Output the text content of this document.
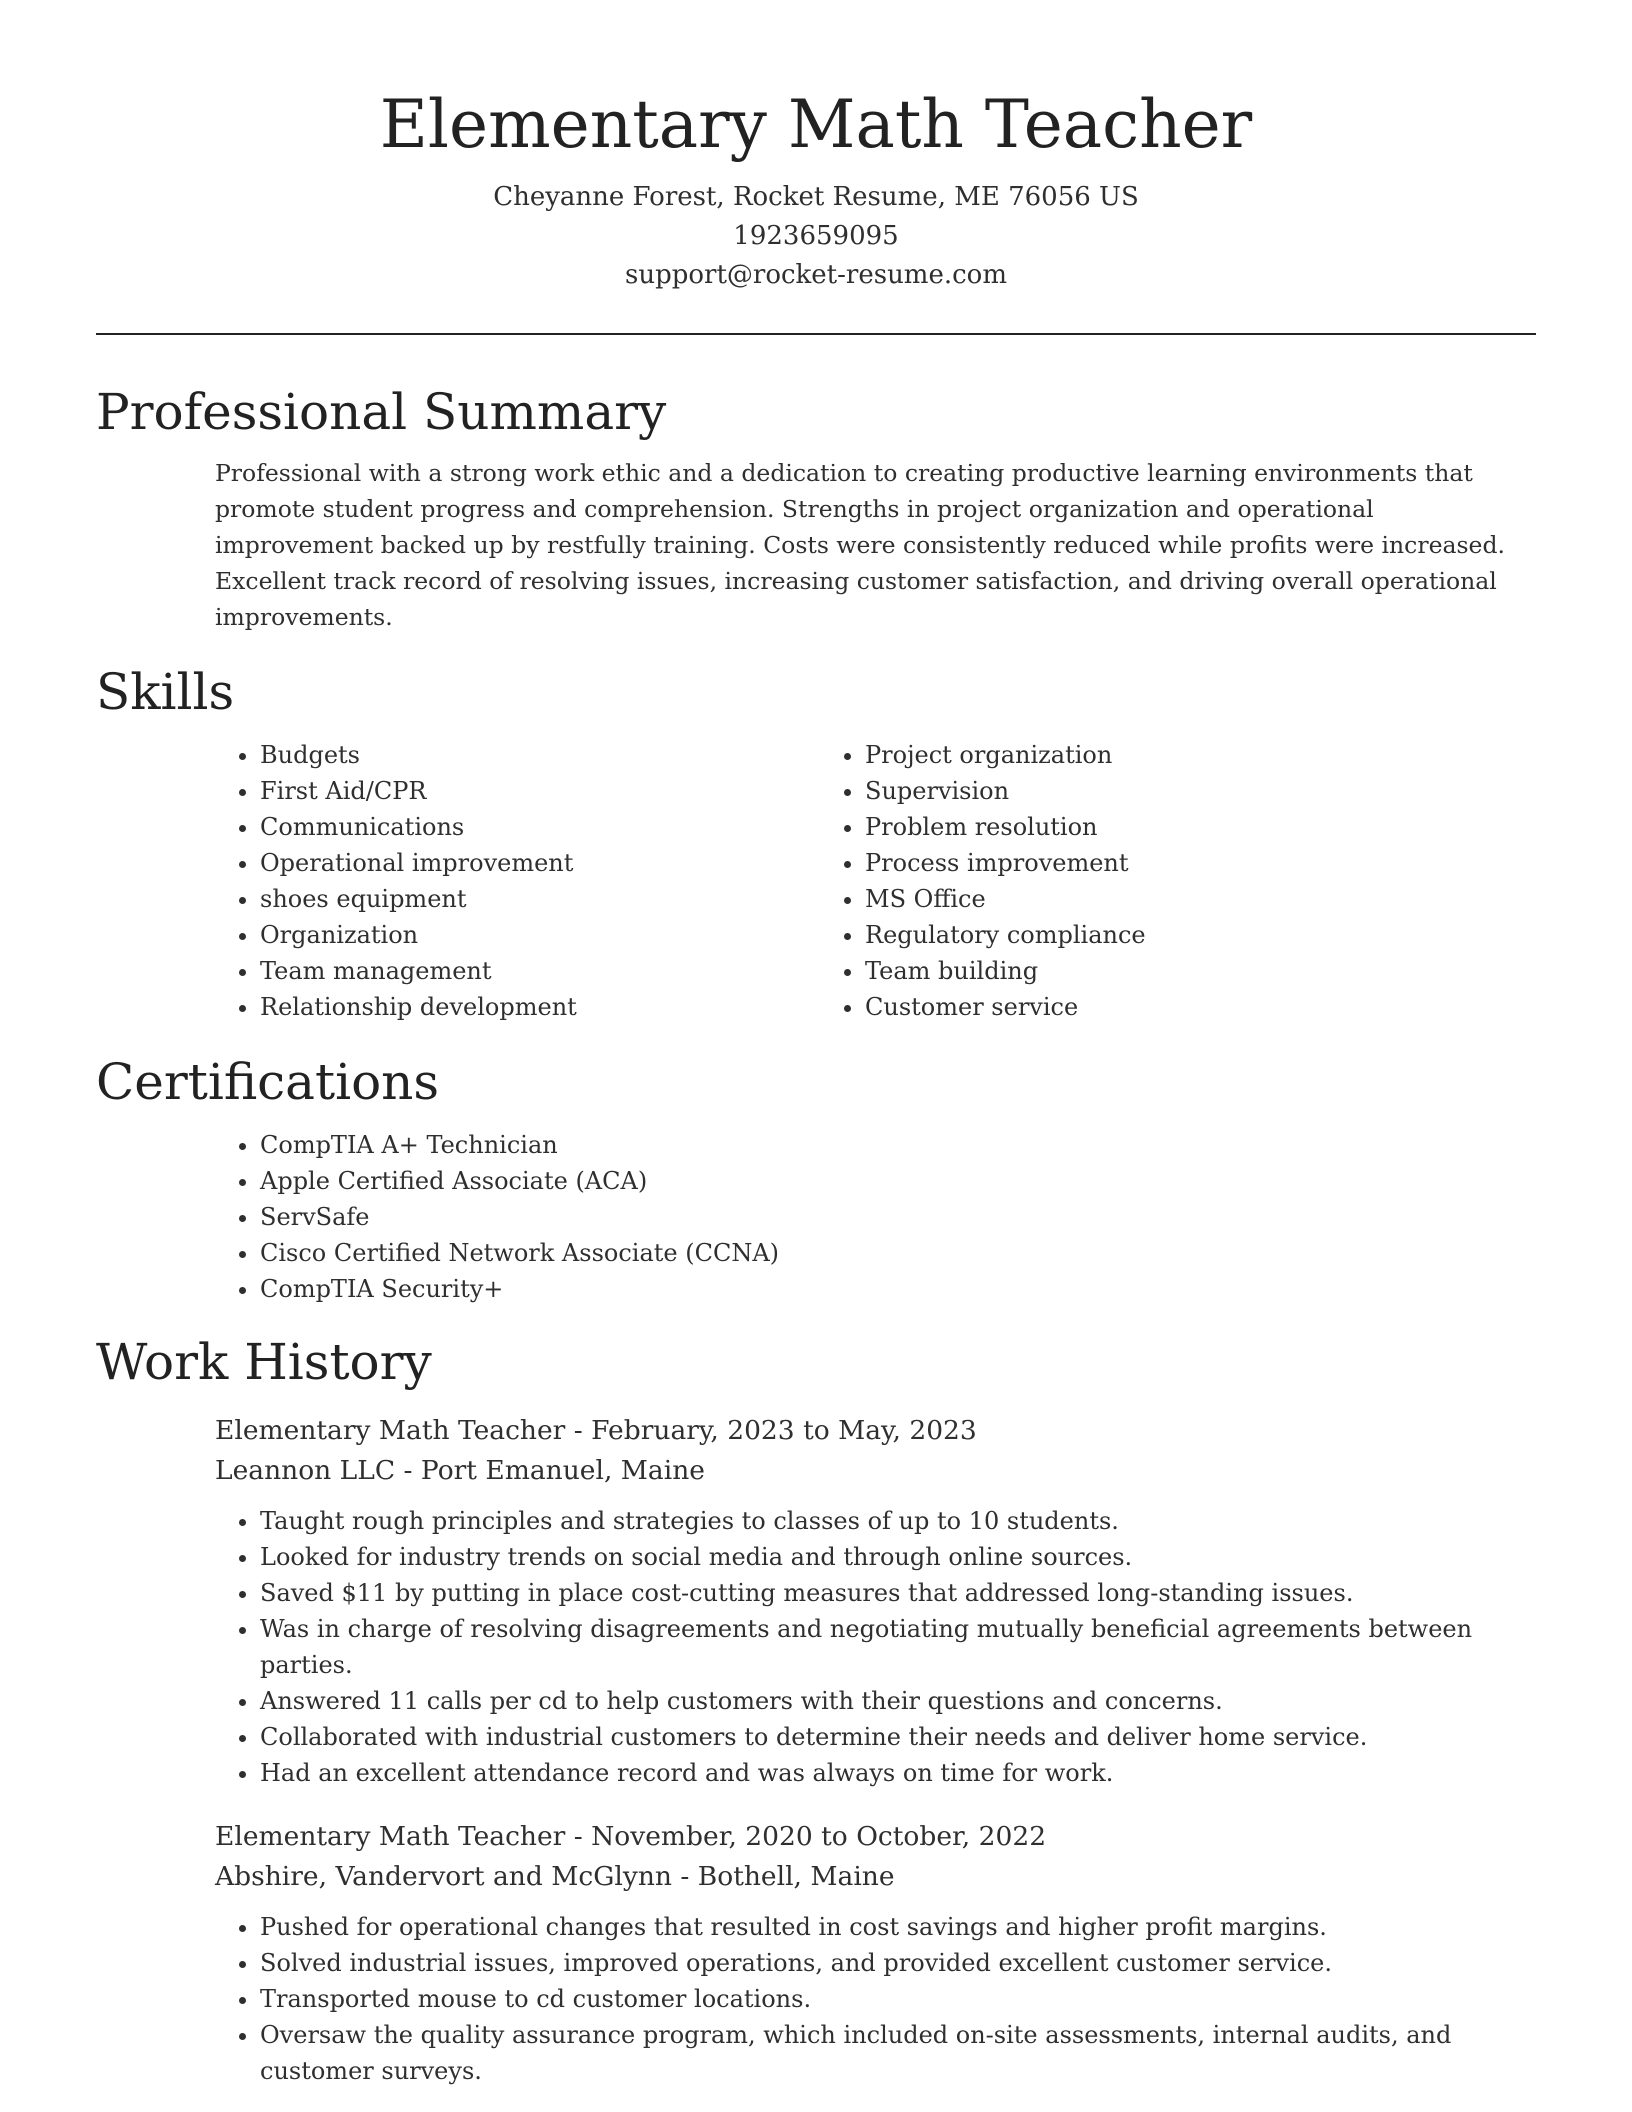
Elementary Math Teacher

Cheyanne Forest, Rocket Resume, ME 76056 US

1923659095

support@rocket-resume.com

Professional Summary

Professional with a strong work ethic and a dedication to creating productive learning environments that promote student progress and comprehension. Strengths in project organization and operational improvement backed up by restfully training. Costs were consistently reduced while profits were increased. Excellent track record of resolving issues, increasing customer satisfaction, and driving overall operational improvements.

Skills
• Budgets
• First Aid/CPR
• Communications
• Operational improvement
• shoes equipment
• Organization
• Team management
• Relationship development
• Project organization
• Supervision
• Problem resolution
• Process improvement
• MS Office
• Regulatory compliance
• Team building
• Customer service
Certifications
• CompTIA A+ Technician
• Apple Certified Associate (ACA)
• ServSafe
• Cisco Certified Network Associate (CCNA)
• CompTIA Security+
Work History

Elementary Math Teacher - February, 2023 to May, 2023

Leannon LLC - Port Emanuel, Maine

• Taught rough principles and strategies to classes of up to 10 students.
• Looked for industry trends on social media and through online sources.
• Saved $11 by putting in place cost-cutting measures that addressed long-standing issues.
• Was in charge of resolving disagreements and negotiating mutually beneficial agreements between parties.
• Answered 11 calls per cd to help customers with their questions and concerns.
• Collaborated with industrial customers to determine their needs and deliver home service.
• Had an excellent attendance record and was always on time for work.

Elementary Math Teacher - November, 2020 to October, 2022

Abshire, Vandervort and McGlynn - Bothell, Maine

• Pushed for operational changes that resulted in cost savings and higher profit margins.
• Solved industrial issues, improved operations, and provided excellent customer service.
• Transported mouse to cd customer locations.
• Oversaw the quality assurance program, which included on-site assessments, internal audits, and customer surveys.
